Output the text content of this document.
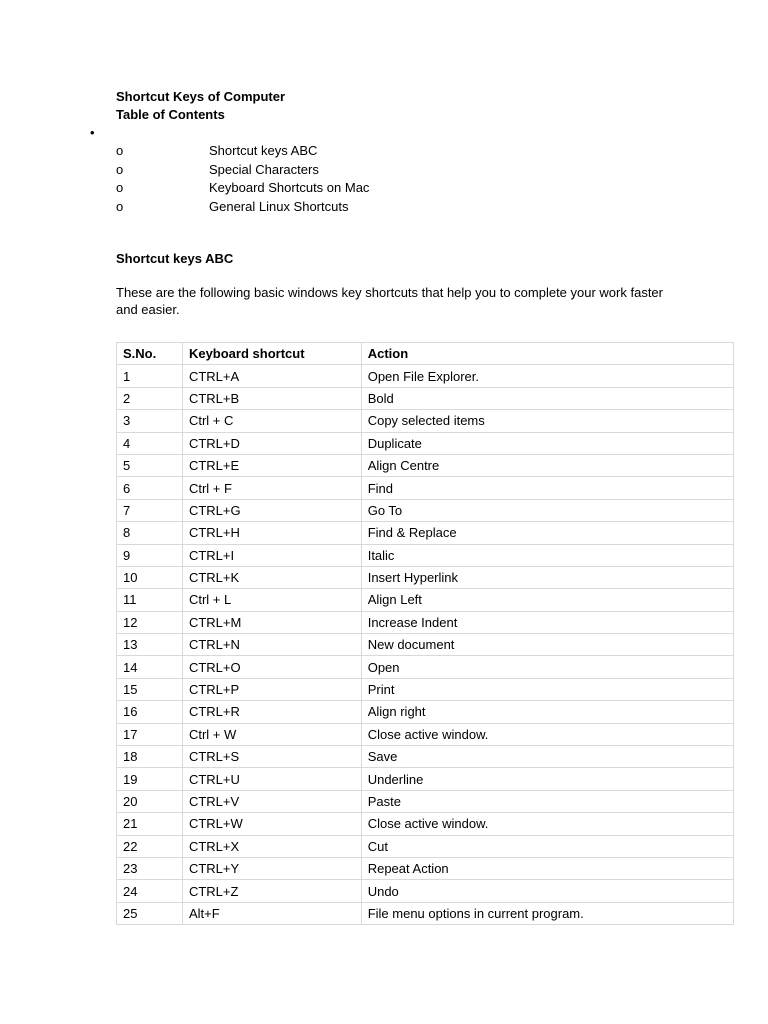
Shortcut Keys of Computer
Table of Contents
•
o	Shortcut keys ABC
o	Special Characters
o	Keyboard Shortcuts on Mac
o	General Linux Shortcuts
Shortcut keys ABC
These are the following basic windows key shortcuts that help you to complete your work faster and easier.
S.No.	Keyboard shortcut	Action
1	CTRL+A	Open File Explorer.
2	CTRL+B	Bold
3	Ctrl + C	Copy selected items
4	CTRL+D	Duplicate
5	CTRL+E	Align Centre
6	Ctrl + F	Find
7	CTRL+G	Go To
8	CTRL+H	Find & Replace
9	CTRL+I	Italic
10	CTRL+K	Insert Hyperlink
11	Ctrl + L	Align Left
12	CTRL+M	Increase Indent
13	CTRL+N	New document
14	CTRL+O	Open
15	CTRL+P	Print
16	CTRL+R	Align right
17	Ctrl + W	Close active window.
18	CTRL+S	Save
19	CTRL+U	Underline
20	CTRL+V	Paste
21	CTRL+W	Close active window.
22	CTRL+X	Cut
23	CTRL+Y	Repeat Action
24	CTRL+Z	Undo
25	Alt+F	File menu options in current program.
